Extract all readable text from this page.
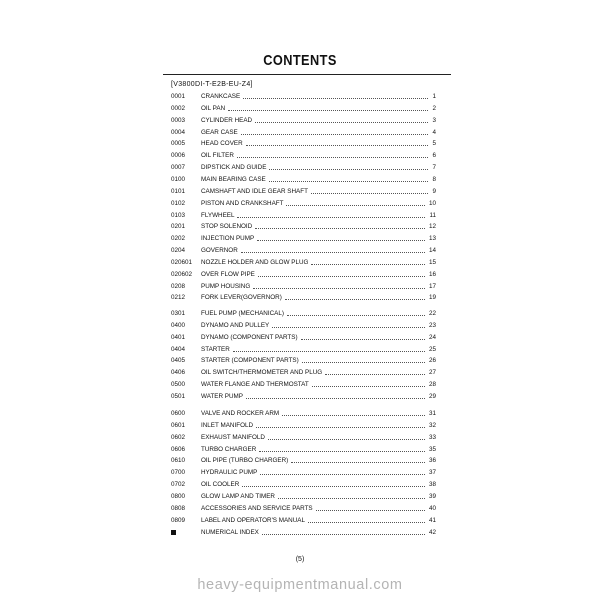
CONTENTS
[V3800DI-T-E2B-EU-Z4]
0001	CRANKCASE	1
0002	OIL PAN	2
0003	CYLINDER HEAD	3
0004	GEAR CASE	4
0005	HEAD COVER	5
0006	OIL FILTER	6
0007	DIPSTICK AND GUIDE	7
0100	MAIN BEARING CASE	8
0101	CAMSHAFT AND IDLE GEAR SHAFT	9
0102	PISTON AND CRANKSHAFT	10
0103	FLYWHEEL	11
0201	STOP SOLENOID	12
0202	INJECTION PUMP	13
0204	GOVERNOR	14
020601	NOZZLE HOLDER AND GLOW PLUG	15
020602	OVER FLOW PIPE	16
0208	PUMP HOUSING	17
0212	FORK LEVER(GOVERNOR)	19
0301	FUEL PUMP (MECHANICAL)	22
0400	DYNAMO AND PULLEY	23
0401	DYNAMO (COMPONENT PARTS)	24
0404	STARTER	25
0405	STARTER (COMPONENT PARTS)	26
0406	OIL SWITCH/THERMOMETER AND PLUG	27
0500	WATER FLANGE AND THERMOSTAT	28
0501	WATER PUMP	29
0600	VALVE AND ROCKER ARM	31
0601	INLET MANIFOLD	32
0602	EXHAUST MANIFOLD	33
0606	TURBO CHARGER	35
0610	OIL PIPE (TURBO CHARGER)	36
0700	HYDRAULIC PUMP	37
0702	OIL COOLER	38
0800	GLOW LAMP AND TIMER	39
0808	ACCESSORIES AND SERVICE PARTS	40
0809	LABEL AND OPERATOR'S MANUAL	41
NUMERICAL INDEX	42
(5)
heavy-equipmentmanual.com
